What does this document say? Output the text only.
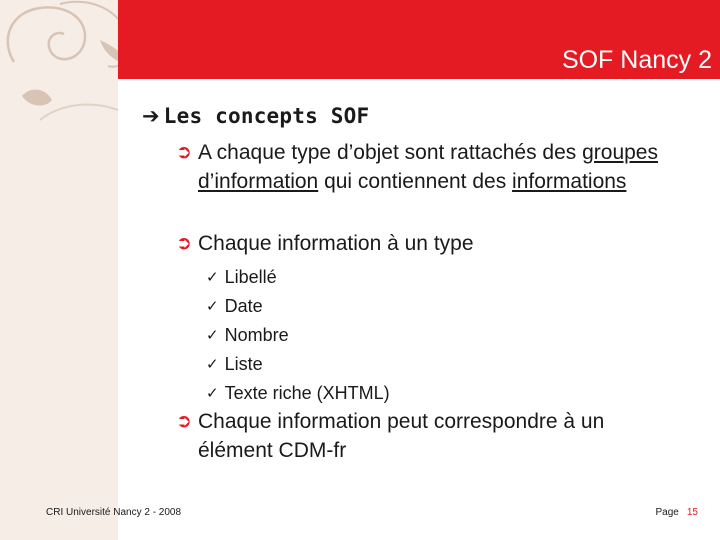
SOF Nancy 2
➔ Les concepts SOF
➲ A chaque type d’objet sont rattachés des groupes d’information qui contiennent des informations
➲ Chaque information à un type
✓ Libellé
✓ Date
✓ Nombre
✓ Liste
✓ Texte riche (XHTML)
➲ Chaque information peut correspondre à un élément CDM-fr
CRI Université Nancy 2 - 2008	Page 15
